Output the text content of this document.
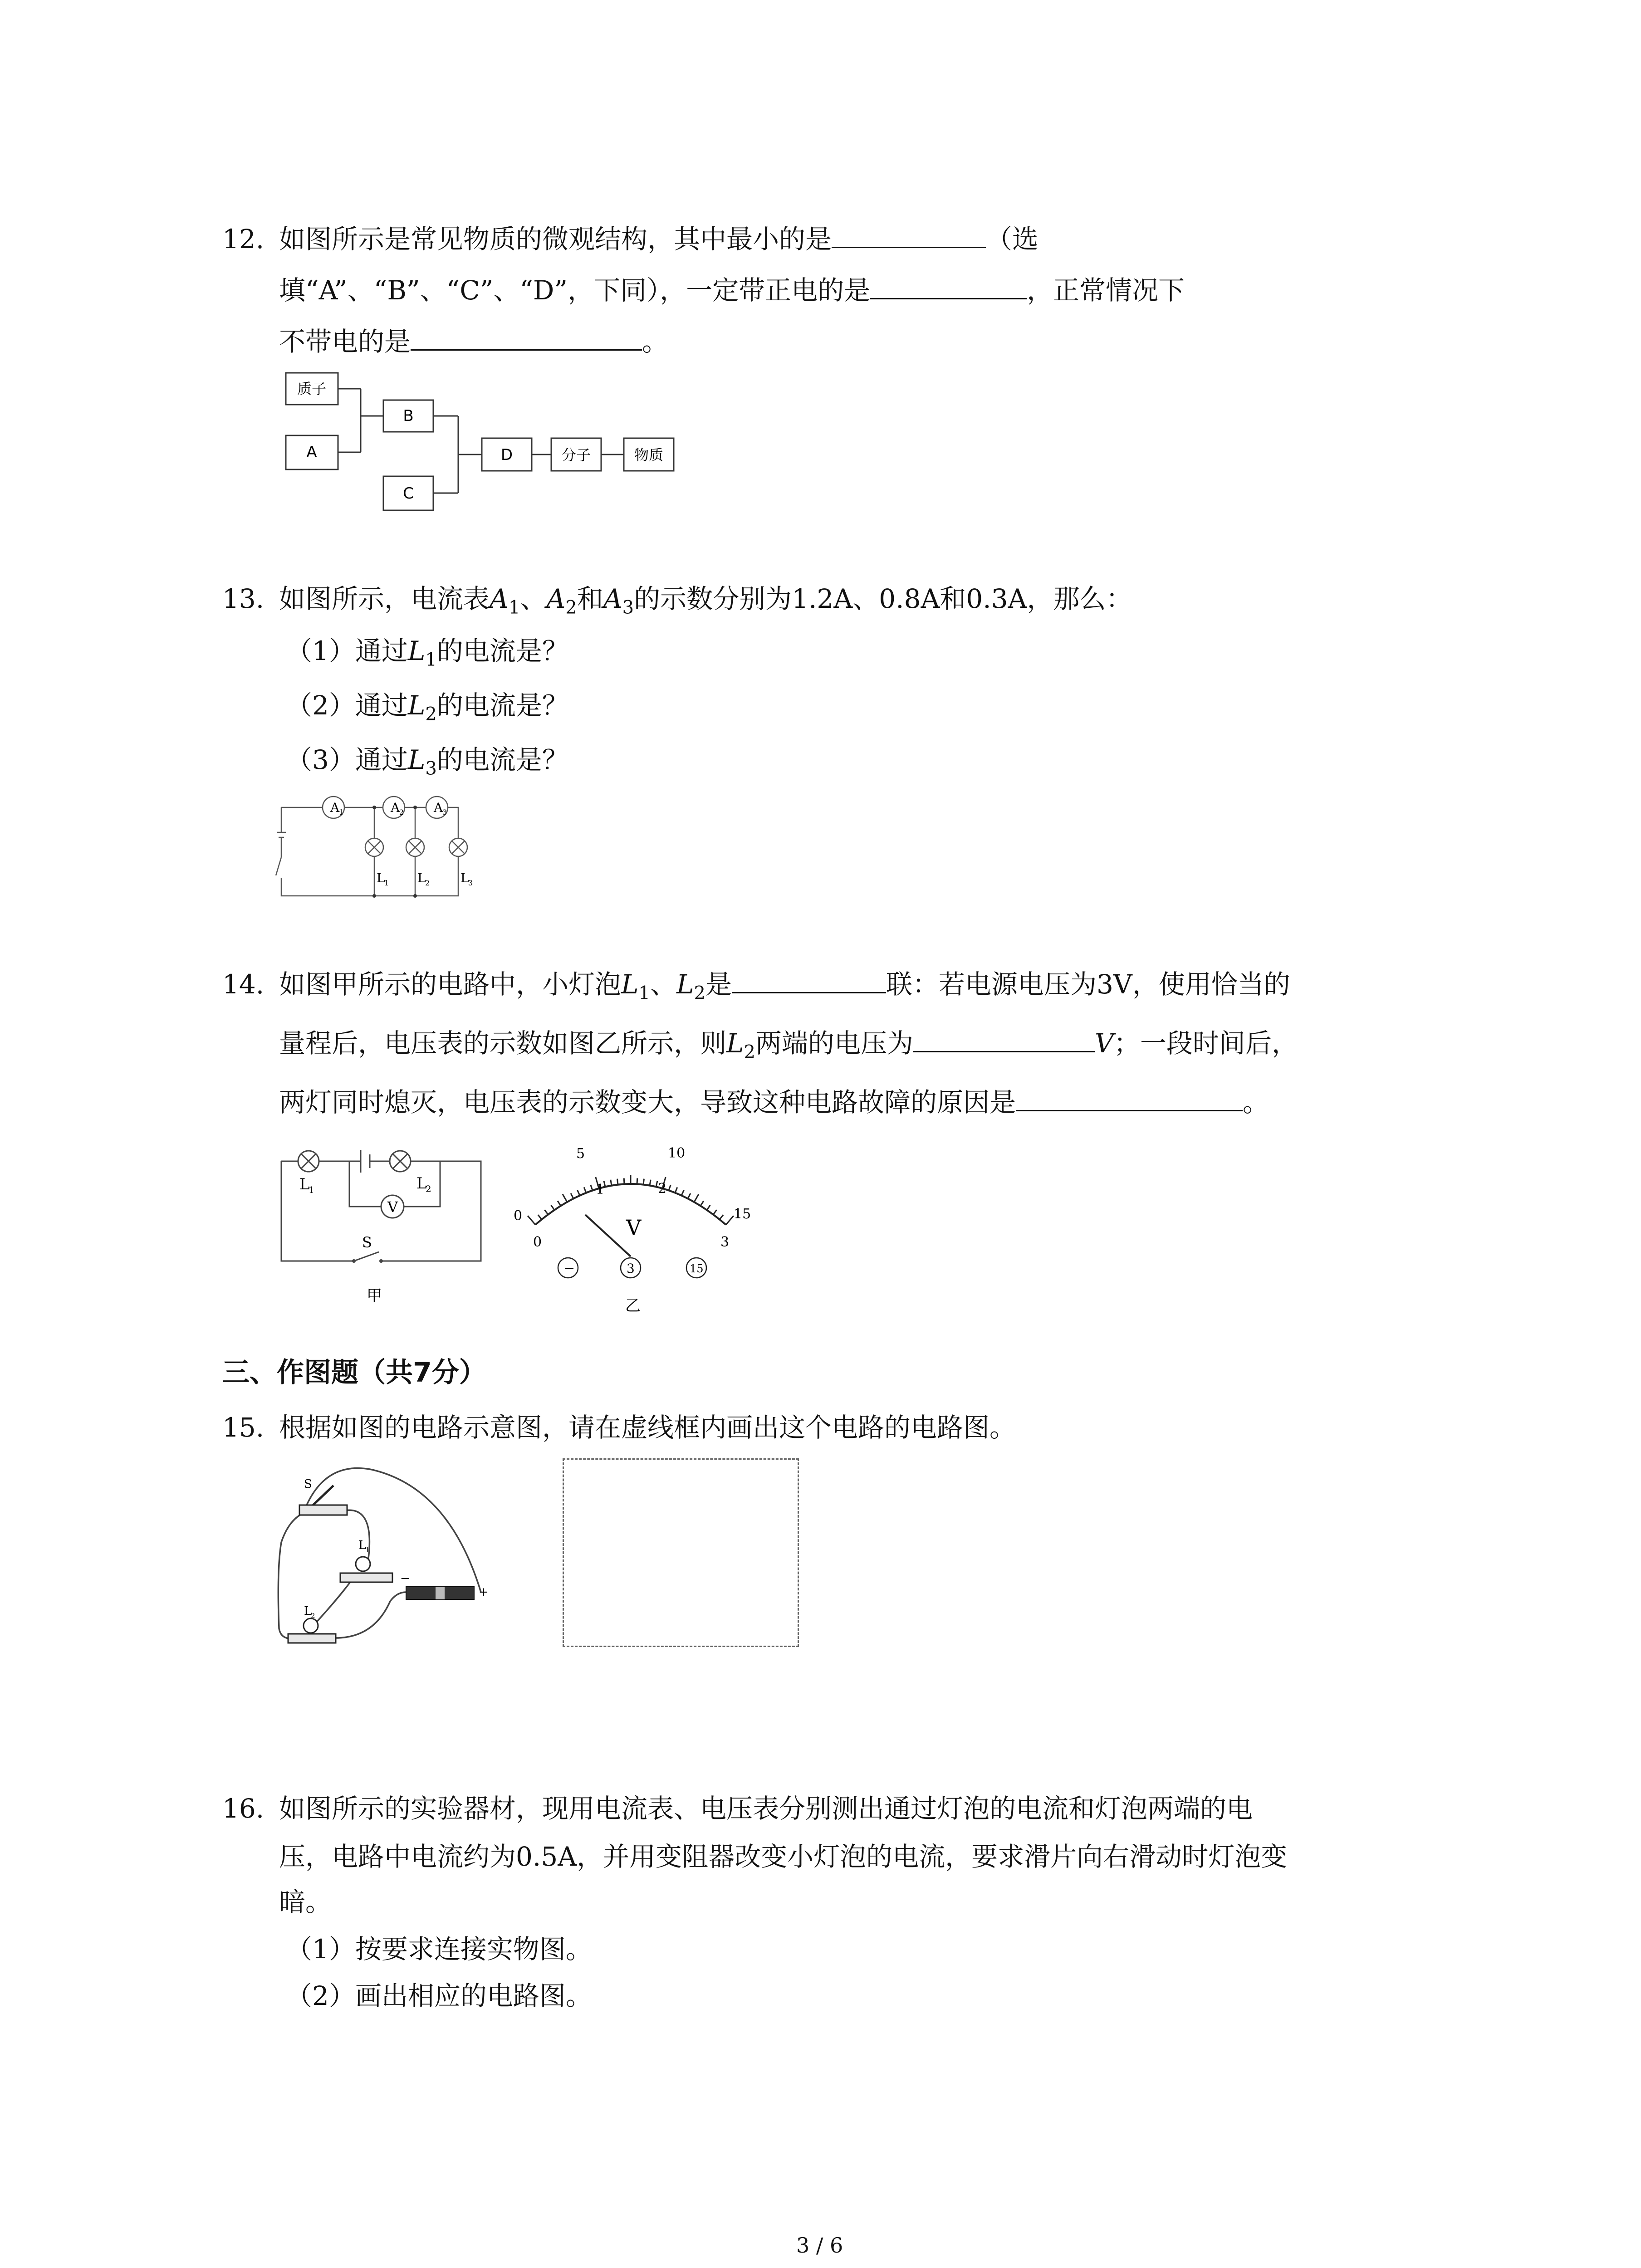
12. 如图所示是常见物质的微观结构，其中最小的是	（选
填“A”、“B”、“C”、“D”，下同），一定带正电的是	，正常情况下
不带电的是	。
质子
A
B
C
D	分子	物质
13. 如图所示，电流表$A_1$、$A_2$和$A_3$的示数分别为1.2A、0.8A和0.3A，那么：
（1）通过$L_1$的电流是？
（2）通过$L_2$的电流是？
（3）通过$L_3$的电流是？
A
1	A
2 A
3
L
1 L
2 L
3
14. 如图甲所示的电路中，小灯泡$L_1$、$L_2$是	联：若电源电压为3V，使用恰当的
量程后，电压表的示数如图乙所示，则$L_2$两端的电压为	V；一段时间后，
两灯同时熄灭，电压表的示数变大，导致这种电路故障的原因是	。
L
1	L
2
V
S
甲
0
5	10
15
0
1	2
3
V
−	3	15
乙
三、作图题（共7分）
15. 根据如图的电路示意图，请在虚线框内画出这个电路的电路图。
S
L
1
L
2
−
+
16. 如图所示的实验器材，现用电流表、电压表分别测出通过灯泡的电流和灯泡两端的电
压，电路中电流约为0.5A，并用变阻器改变小灯泡的电流，要求滑片向右滑动时灯泡变
暗。
（1）按要求连接实物图。
（2）画出相应的电路图。
3 / 6
